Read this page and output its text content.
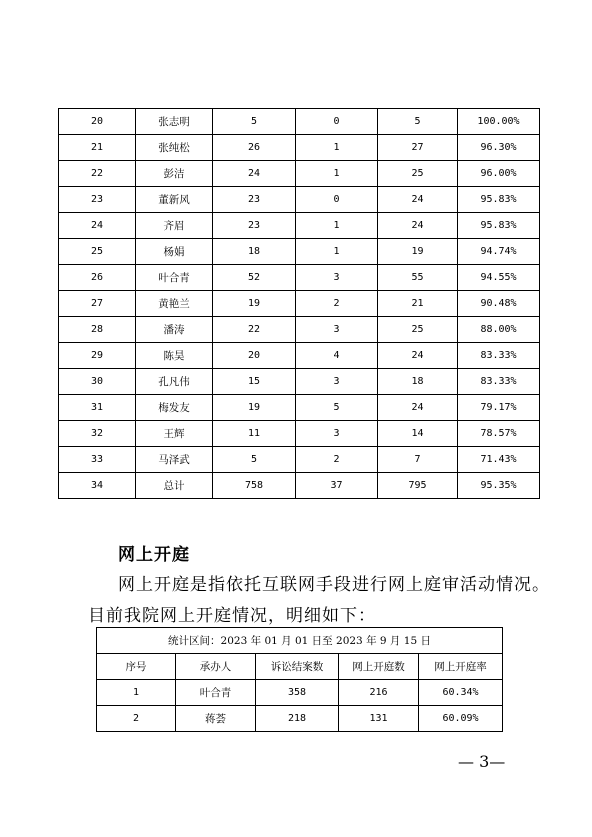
20	张志明	5	0	5	100.00%
21	张纯松	26	1	27	96.30%
22	彭洁	24	1	25	96.00%
23	董新风	23	0	24	95.83%
24	齐眉	23	1	24	95.83%
25	杨娟	18	1	19	94.74%
26	叶合青	52	3	55	94.55%
27	黄艳兰	19	2	21	90.48%
28	潘涛	22	3	25	88.00%
29	陈昊	20	4	24	83.33%
30	孔凡伟	15	3	18	83.33%
31	梅发友	19	5	24	79.17%
32	王辉	11	3	14	78.57%
33	马泽武	5	2	7	71.43%
34	总计	758	37	795	95.35%
网上开庭
网上开庭是指依托互联网手段进行网上庭审活动情况。
目前我院网上开庭情况，明细如下：
统计区间：2023 年 01 月 01 日至 2023 年 9 月 15 日				
序号	承办人	诉讼结案数	网上开庭数	网上开庭率
1	叶合青	358	216	60.34%
2	蒋荟	218	131	60.09%
— 3—
